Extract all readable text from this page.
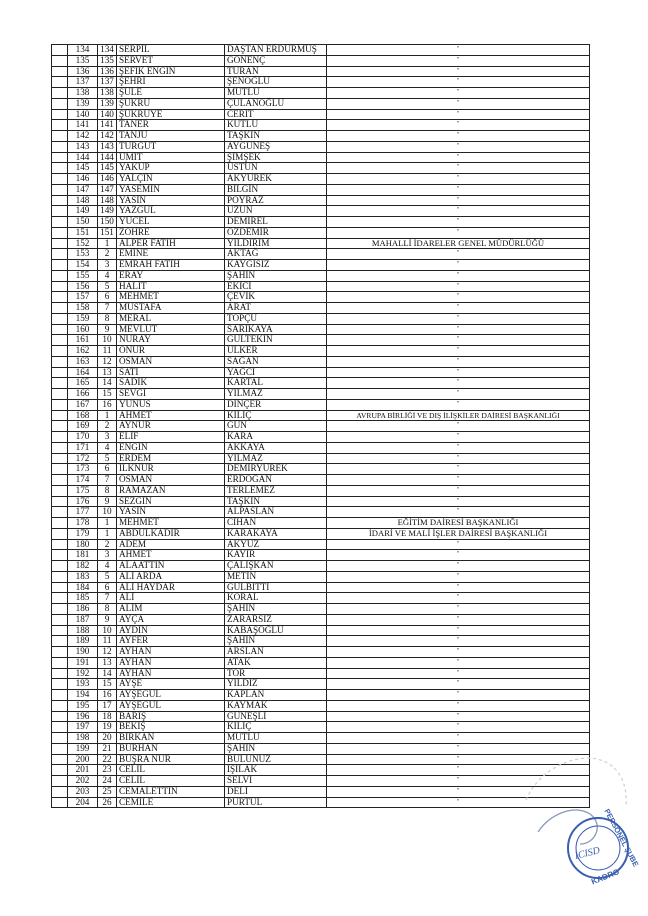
	134	134	SERPİL	DAŞTAN ERDURMUŞ	"
	135	135	SERVET	GÖNENÇ	"
	136	136	ŞEFİK ENGİN	TURAN	"
	137	137	ŞEHRİ	ŞENOĞLU	"
	138	138	ŞULE	MUTLU	"
	139	139	ŞÜKRÜ	ÇULANOĞLU	"
	140	140	ŞÜKRÜYE	CERİT	"
	141	141	TANER	KUTLU	"
	142	142	TANJU	TAŞKIN	"
	143	143	TURGUT	AYGÜNEŞ	"
	144	144	ÜMİT	ŞİMŞEK	"
	145	145	YAKUP	ÜSTÜN	"
	146	146	YALÇIN	AKYÜREK	"
	147	147	YASEMİN	BİLGİN	"
	148	148	YASİN	POYRAZ	"
	149	149	YAZGÜL	UZUN	"
	150	150	YÜCEL	DEMİREL	"
	151	151	ZÖHRE	ÖZDEMİR	"
	152	1	ALPER FATİH	YILDIRIM	MAHALLİ İDARELER GENEL MÜDÜRLÜĞÜ
	153	2	EMİNE	AKTAĞ	"
	154	3	EMRAH FATİH	KAYGISIZ	"
	155	4	ERAY	ŞAHİN	"
	156	5	HALİT	EKİCİ	"
	157	6	MEHMET	ÇEVİK	"
	158	7	MUSTAFA	ARAT	"
	159	8	MERAL	TOPÇU	"
	160	9	MEVLÜT	SARIKAYA	"
	161	10	NURAY	GÜLTEKİN	"
	162	11	ONUR	ÜLKER	"
	163	12	OSMAN	SAĞAN	"
	164	13	SATI	YAĞCI	"
	165	14	SADIK	KARTAL	"
	166	15	SEVGİ	YILMAZ	"
	167	16	YUNUS	DİNÇER	"
	168	1	AHMET	KILIÇ	AVRUPA BİRLİĞİ VE DIŞ İLİŞKİLER DAİRESİ BAŞKANLIĞI
	169	2	AYNUR	GÜN	"
	170	3	ELİF	KARA	"
	171	4	ENGİN	AKKAYA	"
	172	5	ERDEM	YILMAZ	"
	173	6	İLKNUR	DEMİRYÜREK	"
	174	7	OSMAN	ERDOĞAN	"
	175	8	RAMAZAN	TERLEMEZ	"
	176	9	SEZGİN	TAŞKIN	"
	177	10	YASİN	ALPASLAN	"
	178	1	MEHMET	CİHAN	EĞİTİM DAİRESİ BAŞKANLIĞI
	179	1	ABDULKADİR	KARAKAYA	İDARİ VE MALİ İŞLER DAİRESİ BAŞKANLIĞI
	180	2	ADEM	AKYÜZ	"
	181	3	AHMET	KAYIR	"
	182	4	ALAATTİN	ÇALIŞKAN	"
	183	5	ALİ ARDA	METİN	"
	184	6	ALİ HAYDAR	GÜLBİTTİ	"
	185	7	ALİ	KORAL	"
	186	8	ALİM	ŞAHİN	"
	187	9	AYÇA	ZARARSIZ	"
	188	10	AYDIN	KABAŞOĞLU	"
	189	11	AYFER	ŞAHİN	"
	190	12	AYHAN	ARSLAN	"
	191	13	AYHAN	ATAK	"
	192	14	AYHAN	TOR	"
	193	15	AYŞE	YILDIZ	"
	194	16	AYŞEGÜL	KAPLAN	"
	195	17	AYŞEGÜL	KAYMAK	"
	196	18	BARIŞ	GÜNEŞLİ	"
	197	19	BEKİŞ	KILIÇ	"
	198	20	BİRKAN	MUTLU	"
	199	21	BURHAN	ŞAHİN	"
	200	22	BÜŞRA NUR	BULUNUZ	"
	201	23	CELİL	IŞILAK	"
	202	24	CELİL	SELVİ	"
	203	25	CEMALETTİN	DELİ	"
	204	26	CEMİLE	PURTUL	"
PERSONEL ŞUBE
KADRO
ICISD
